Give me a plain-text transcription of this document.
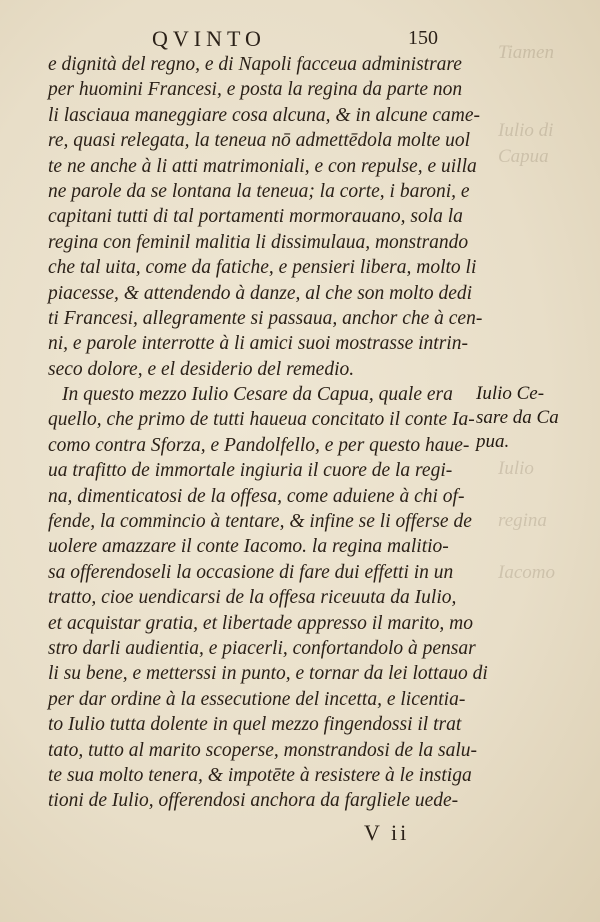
Tiamen

Iulio di
Capua

Iulio

regina

Iacomo
QVINTO	150
e dignità del regno, e di Napoli facceua administrare
per huomini Francesi, e posta la regina da parte non
li lasciaua maneggiare cosa alcuna, & in alcune came-
re, quasi relegata, la teneua nō admettēdola molte uol
te ne anche à li atti matrimoniali, e con repulse, e uilla
ne parole da se lontana la teneua; la corte, i baroni, e
capitani tutti di tal portamenti mormorauano, sola la
regina con feminil malitia li dissimulaua, monstrando
che tal uita, come da fatiche, e pensieri libera, molto li
piacesse, & attendendo à danze, al che son molto dedi
ti Francesi, allegramente si passaua, anchor che à cen-
ni, e parole interrotte à li amici suoi mostrasse intrin-
seco dolore, e el desiderio del remedio.
In questo mezzo Iulio Cesare da Capua, quale era
quello, che primo de tutti haueua concitato il conte Ia-
como contra Sforza, e Pandolfello, e per questo haue-
ua trafitto de immortale ingiuria il cuore de la regi-
na, dimenticatosi de la offesa, come aduiene à chi of-
fende, la commincio à tentare, & infine se li offerse de
uolere amazzare il conte Iacomo. la regina malitio-
sa offerendoseli la occasione di fare dui effetti in un
tratto, cioe uendicarsi de la offesa riceuuta da Iulio,
et acquistar gratia, et libertade appresso il marito, mo
stro darli audientia, e piacerli, confortandolo à pensar
li su bene, e metterssi in punto, e tornar da lei lottauo di
per dar ordine à la essecutione del incetta, e licentia-
to Iulio tutta dolente in quel mezzo fingendossi il trat
tato, tutto al marito scoperse, monstrandosi de la salu-
te sua molto tenera, & impotēte à resistere à le instiga
tioni de Iulio, offerendosi anchora da fargliele uede-
Iulio Ce-
sare da Ca
pua.
V ii
